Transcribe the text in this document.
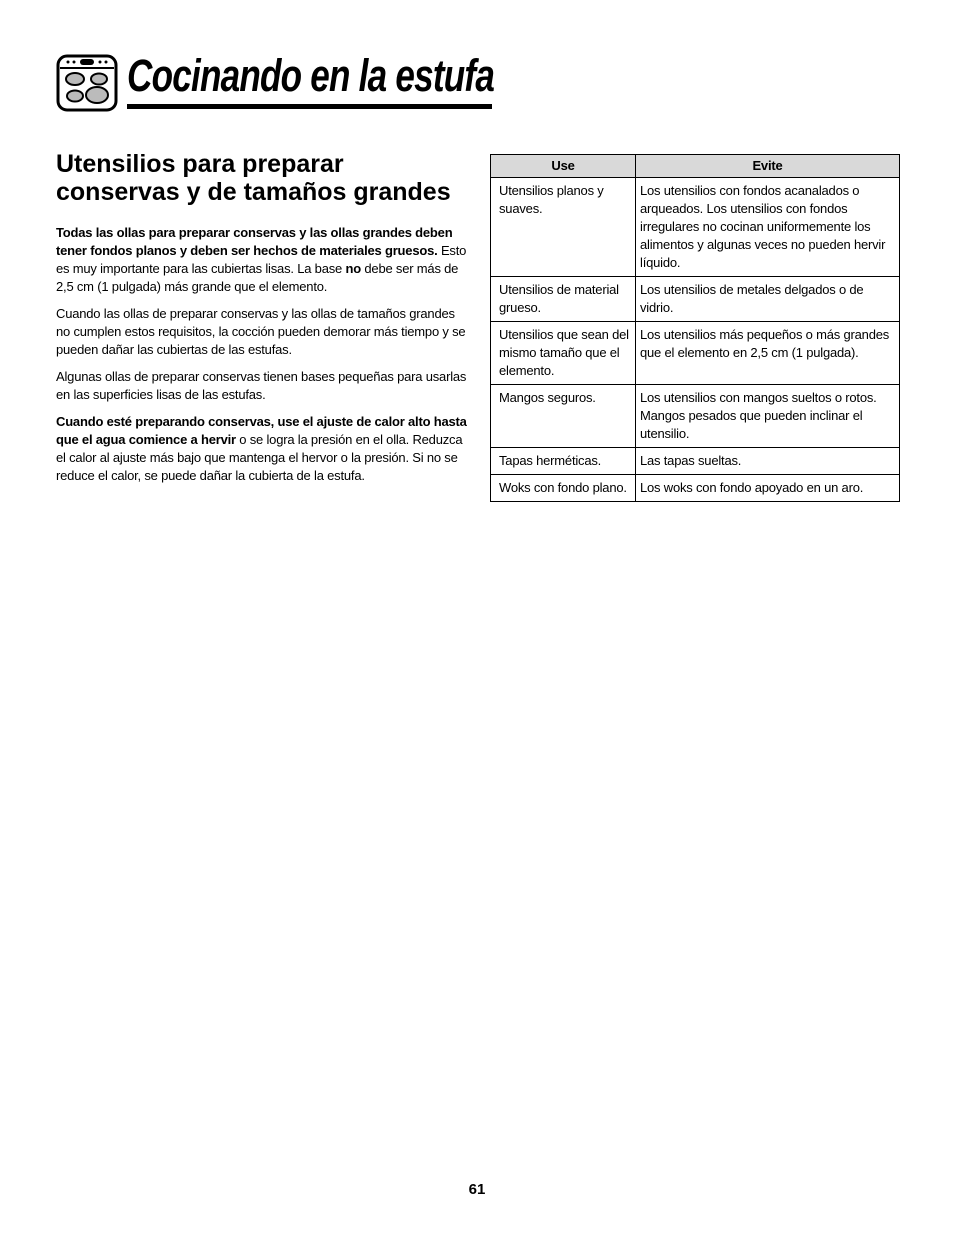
Cocinando en la estufa
Utensilios para preparar conservas y de tamaños grandes

Todas las ollas para preparar conservas y las ollas grandes deben tener fondos planos y deben ser hechos de materiales gruesos. Esto es muy importante para las cubiertas lisas. La base no debe ser más de 2,5 cm (1 pulgada) más grande que el elemento.

Cuando las ollas de preparar conservas y las ollas de tamaños grandes no cumplen estos requisitos, la cocción pueden demorar más tiempo y se pueden dañar las cubiertas de las estufas.

Algunas ollas de preparar conservas tienen bases pequeñas para usarlas en las superficies lisas de las estufas.

Cuando esté preparando conservas, use el ajuste de calor alto hasta que el agua comience a hervir o se logra la presión en el olla. Reduzca el calor al ajuste más bajo que mantenga el hervor o la presión. Si no se reduce el calor, se puede dañar la cubierta de la estufa.

Use	Evite
Utensilios planos y suaves.	Los utensilios con fondos acanalados o arqueados. Los utensilios con fondos irregulares no cocinan uniformemente los alimentos y algunas veces no pueden hervir líquido.
Utensilios de material grueso.	Los utensilios de metales delgados o de vidrio.
Utensilios que sean del mismo tamaño que el elemento.	Los utensilios más pequeños o más grandes que el elemento en 2,5 cm (1 pulgada).
Mangos seguros.	Los utensilios con mangos sueltos o rotos. Mangos pesados que pueden inclinar el utensilio.
Tapas herméticas.	Las tapas sueltas.
Woks con fondo plano.	Los woks con fondo apoyado en un aro.
61
